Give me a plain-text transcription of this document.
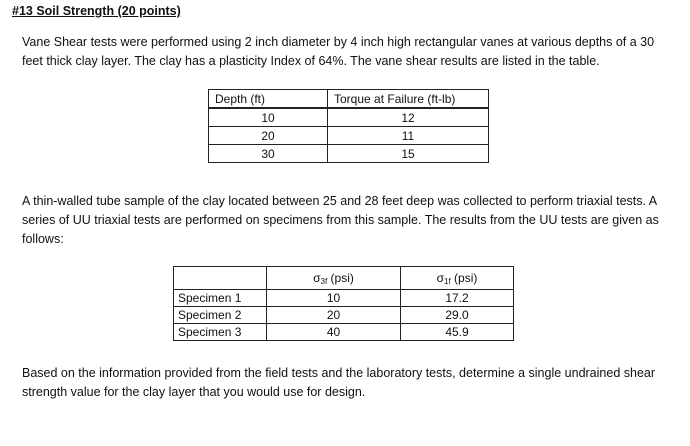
#13 Soil Strength (20 points)
Vane Shear tests were performed using 2 inch diameter by 4 inch high rectangular vanes at various depths of a 30 feet thick clay layer. The clay has a plasticity Index of 64%. The vane shear results are listed in the table.
Depth (ft)	Torque at Failure (ft-lb)
10	12
20	11
30	15
A thin-walled tube sample of the clay located between 25 and 28 feet deep was collected to perform triaxial tests. A series of UU triaxial tests are performed on specimens from this sample. The results from the UU tests are given as follows:
	$\sigma_{3f}$ (psi)	$\sigma_{1f}$ (psi)
Specimen 1	10	17.2
Specimen 2	20	29.0
Specimen 3	40	45.9
Based on the information provided from the field tests and the laboratory tests, determine a single undrained shear strength value for the clay layer that you would use for design.
